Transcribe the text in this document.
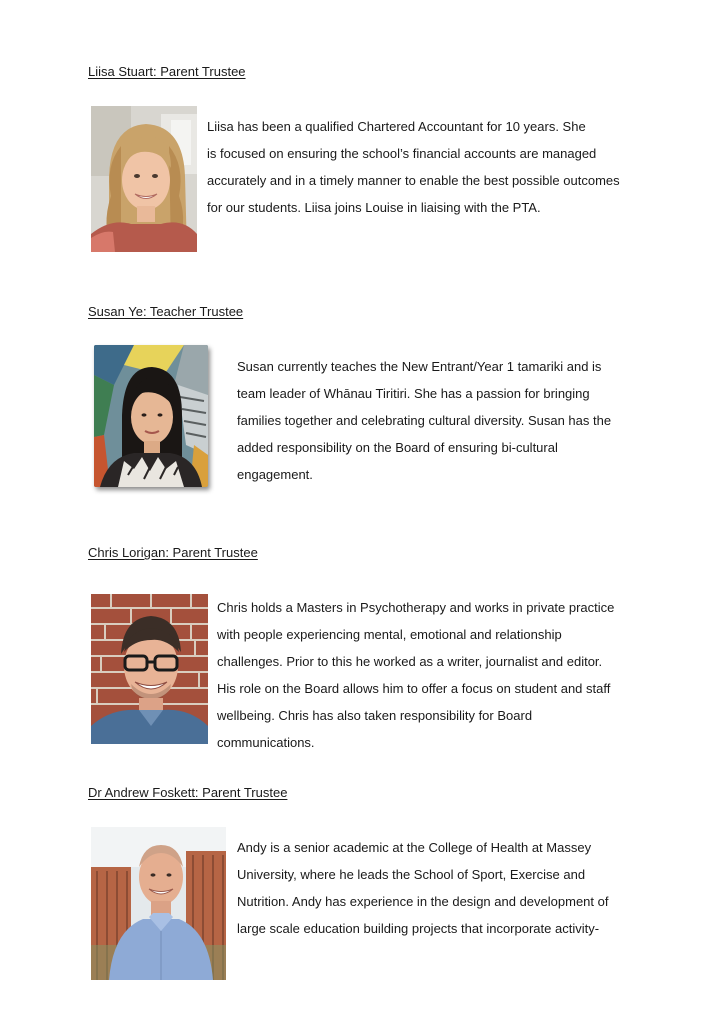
Liisa Stuart: Parent Trustee

Liisa has been a qualified Chartered Accountant for 10 years. She
is focused on ensuring the school’s financial accounts are managed
accurately and in a timely manner to enable the best possible outcomes
for our students. Liisa joins Louise in liaising with the PTA.

Susan Ye: Teacher Trustee

Susan currently teaches the New Entrant/Year 1 tamariki and is
team leader of Whānau Tiritiri. She has a passion for bringing
families together and celebrating cultural diversity. Susan has the
added responsibility on the Board of ensuring bi-cultural
engagement.

Chris Lorigan: Parent Trustee

Chris holds a Masters in Psychotherapy and works in private practice
with people experiencing mental, emotional and relationship
challenges. Prior to this he worked as a writer, journalist and editor.
His role on the Board allows him to offer a focus on student and staff
wellbeing. Chris has also taken responsibility for Board
communications.

Dr Andrew Foskett: Parent Trustee

Andy is a senior academic at the College of Health at Massey
University, where he leads the School of Sport, Exercise and
Nutrition. Andy has experience in the design and development of
large scale education building projects that incorporate activity-
